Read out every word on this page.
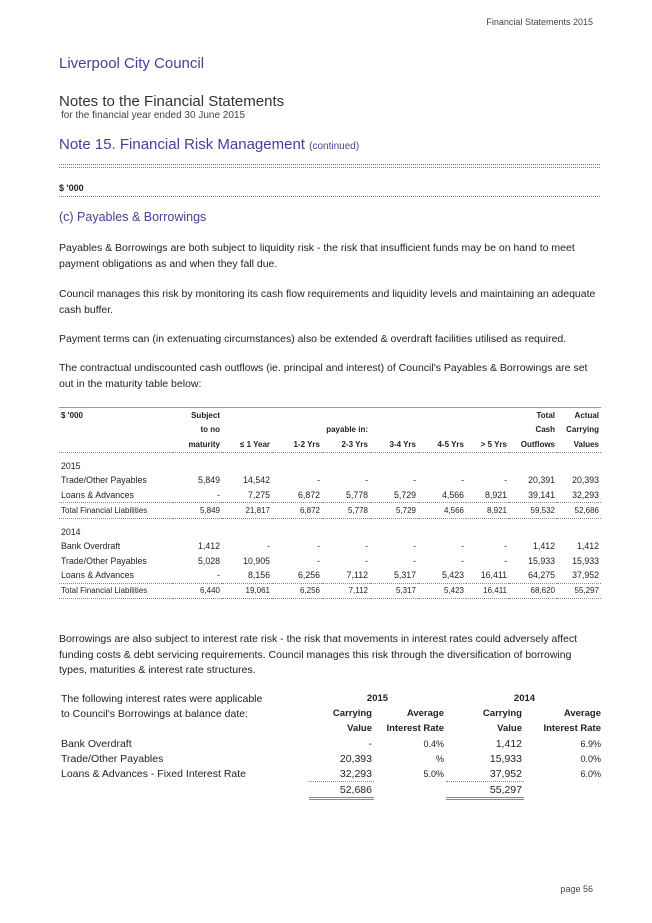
Financial Statements 2015
Liverpool City Council
Notes to the Financial Statements
for the financial year ended 30 June 2015
Note 15. Financial Risk Management (continued)
$ '000
(c) Payables & Borrowings
Payables & Borrowings are both subject to liquidity risk - the risk that insufficient funds may be on hand to meet payment obligations as and when they fall due.
Council manages this risk by monitoring its cash flow requirements and liquidity levels and maintaining an adequate cash buffer.
Payment terms can (in extenuating circumstances) also be extended & overdraft facilities utilised as required.
The contractual undiscounted cash outflows (ie. principal and interest) of Council's Payables & Borrowings are set out in the maturity table below:
$ '000	Subject							Total	Actual
	to no			payable in:				Cash	Carrying
	maturity	≤ 1 Year	1-2 Yrs	2-3 Yrs	3-4 Yrs	4-5 Yrs	> 5 Yrs	Outflows	Values
2015									
Trade/Other Payables	5,849	14,542	-	-	-	-	-	20,391	20,393
Loans & Advances	-	7,275	6,872	5,778	5,729	4,566	8,921	39,141	32,293
Total Financial Liabilities	5,849	21,817	6,872	5,778	5,729	4,566	8,921	59,532	52,686
2014									
Bank Overdraft	1,412	-	-	-	-	-	-	1,412	1,412
Trade/Other Payables	5,028	10,905	-	-	-	-	-	15,933	15,933
Loans & Advances	-	8,156	6,256	7,112	5,317	5,423	16,411	64,275	37,952
Total Financial Liabilities	6,440	19,061	6,256	7,112	5,317	5,423	16,411	68,620	55,297
Borrowings are also subject to interest rate risk - the risk that movements in interest rates could adversely affect funding costs & debt servicing requirements. Council manages this risk through the diversification of borrowing types, maturities & interest rate structures.
The following interest rates were applicable	2015		2014	
to Council's Borrowings at balance date:	Carrying	Average	Carrying	Average
	Value	Interest Rate	Value	Interest Rate
Bank Overdraft	-	0.4%	1,412	6.9%
Trade/Other Payables	20,393	%	15,933	0.0%
Loans & Advances - Fixed Interest Rate	32,293	5.0%	37,952	6.0%
	52,686		55,297	
page 56
